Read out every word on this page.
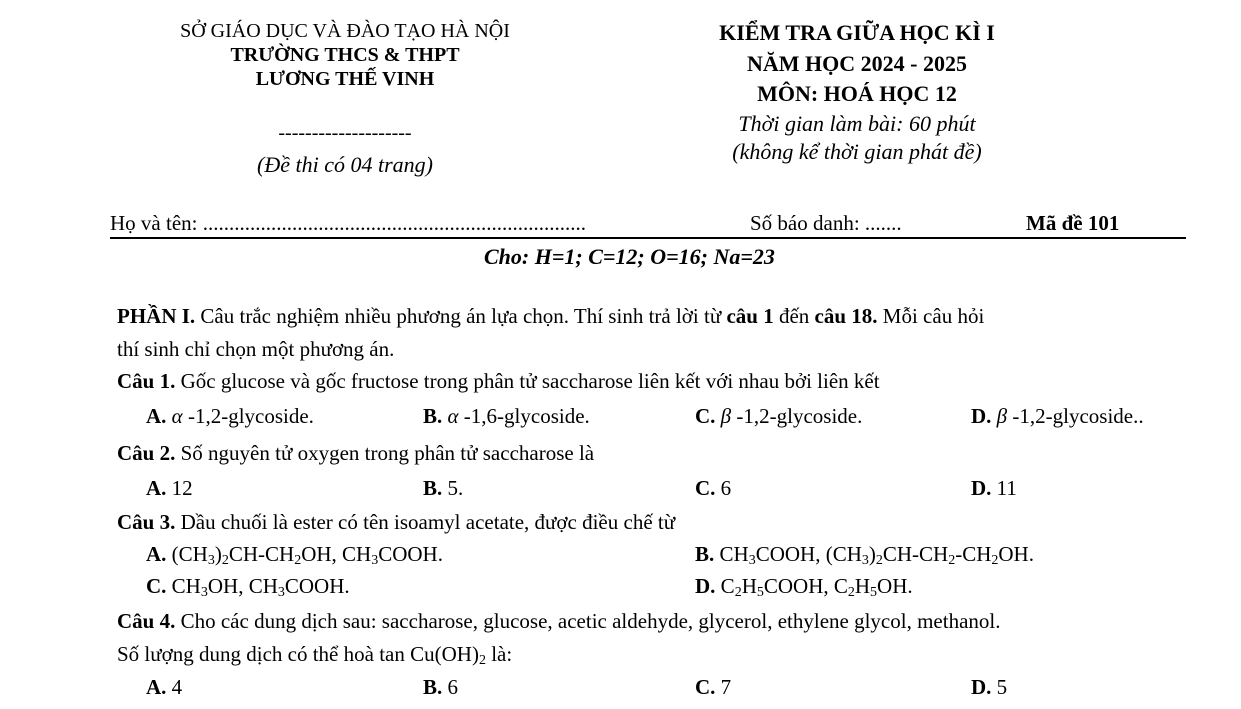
SỞ GIÁO DỤC VÀ ĐÀO TẠO HÀ NỘI
TRƯỜNG THCS & THPT
LƯƠNG THẾ VINH
--------------------
(Đề thi có 04 trang)
KIỂM TRA GIỮA HỌC KÌ I
NĂM HỌC 2024 - 2025
MÔN: HOÁ HỌC 12
Thời gian làm bài: 60 phút
(không kể thời gian phát đề)
Họ và tên: .........................................................................	Số báo danh: .......	Mã đề 101
Cho: H=1; C=12; O=16; Na=23
PHẦN I. Câu trắc nghiệm nhiều phương án lựa chọn. Thí sinh trả lời từ câu 1 đến câu 18. Mỗi câu hỏi
thí sinh chỉ chọn một phương án.
Câu 1. Gốc glucose và gốc fructose trong phân tử saccharose liên kết với nhau bởi liên kết
A. α -1,2-glycoside.	B. α -1,6-glycoside.	C. β -1,2-glycoside.	D. β -1,2-glycoside..
Câu 2. Số nguyên tử oxygen trong phân tử saccharose là
A. 12	B. 5.	C. 6	D. 11
Câu 3. Dầu chuối là ester có tên isoamyl acetate, được điều chế từ
A. $(CH_3)_2CH-CH_2OH$, $CH_3COOH$.	B. $CH_3COOH$, $(CH_3)_2CH-CH_2-CH_2OH$.
C. $CH_3OH$, $CH_3COOH$.	D. $C_2H_5COOH$, $C_2H_5OH$.
Câu 4. Cho các dung dịch sau: saccharose, glucose, acetic aldehyde, glycerol, ethylene glycol, methanol.
Số lượng dung dịch có thể hoà $\tan Cu(OH)_2$ là:
A. 4	B. 6	C. 7	D. 5
